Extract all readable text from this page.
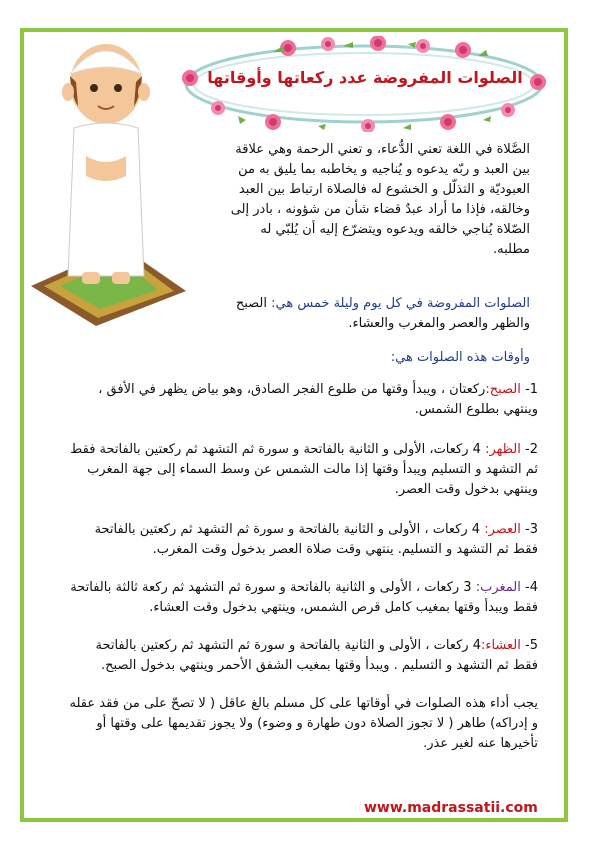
الصلوات المفروضة عدد ركعاتها وأوقاتها
الصَّلاة في اللغة تعني الدُّعاء، و تعني الرحمة وهي علاقة
بين العبد و ربّه يدعوه و يُناجيه و يخاطبه بما يليق به من
العبوديّة و التذلّل و الخشوع له فالصلاة ارتباط بين العبد
وخالقه، فإذا ما أراد عبدٌ قضاء شأن من شؤونه ، بادر إلى
الصّلاة يُناجي خالقه ويدعوه ويتضرّع إليه أن يُلبّي له
مطلبه.
الصلوات المفروضة في كل يوم وليلة خمس هي: الصبح
والظهر والعصر والمغرب والعشاء.
وأوقات هذه الصلوات هي:
1- الصبح:ركعتان ، ويبدأ وقتها من طلوع الفجر الصادق، وهو بياض يظهر في الأفق ،
وينتهي بطلوع الشمس.
2- الظهر: 4 ركعات، الأولى و الثانية بالفاتحة و سورة ثم التشهد ثم ركعتين بالفاتحة فقط
ثم التشهد و التسليم ويبدأ وقتها إذا مالت الشمس عن وسط السماء إلى جهة المغرب
وينتهي بدخول وقت العصر.
3- العصر: 4 ركعات ، الأولى و الثانية بالفاتحة و سورة ثم التشهد ثم ركعتين بالفاتحة
فقط ثم التشهد و التسليم. ينتهي وقت صلاة العصر بدخول وقت المغرب.
4- المغرب: 3 ركعات ، الأولى و الثانية بالفاتحة و سورة ثم التشهد ثم ركعة ثالثة بالفاتحة
فقط ويبدأ وقتها بمغيب كامل قرص الشمس، وينتهي بدخول وقت العشاء.
5- العشاء:4 ركعات ، الأولى و الثانية بالفاتحة و سورة ثم التشهد ثم ركعتين بالفاتحة
فقط ثم التشهد و التسليم . ويبدأ وقتها بمغيب الشفق الأحمر وينتهي بدخول الصبح.
يجب أداء هذه الصلوات في أوقاتها على كل مسلم بالغ عاقل ( لا تصحّ على من فقد عقله
و إدراكه) طاهر ( لا تجوز الصلاة دون طهارة و وضوء) ولا يجوز تقديمها على وقتها أو
تأخيرها عنه لغير عذر.
www.madrassatii.com
